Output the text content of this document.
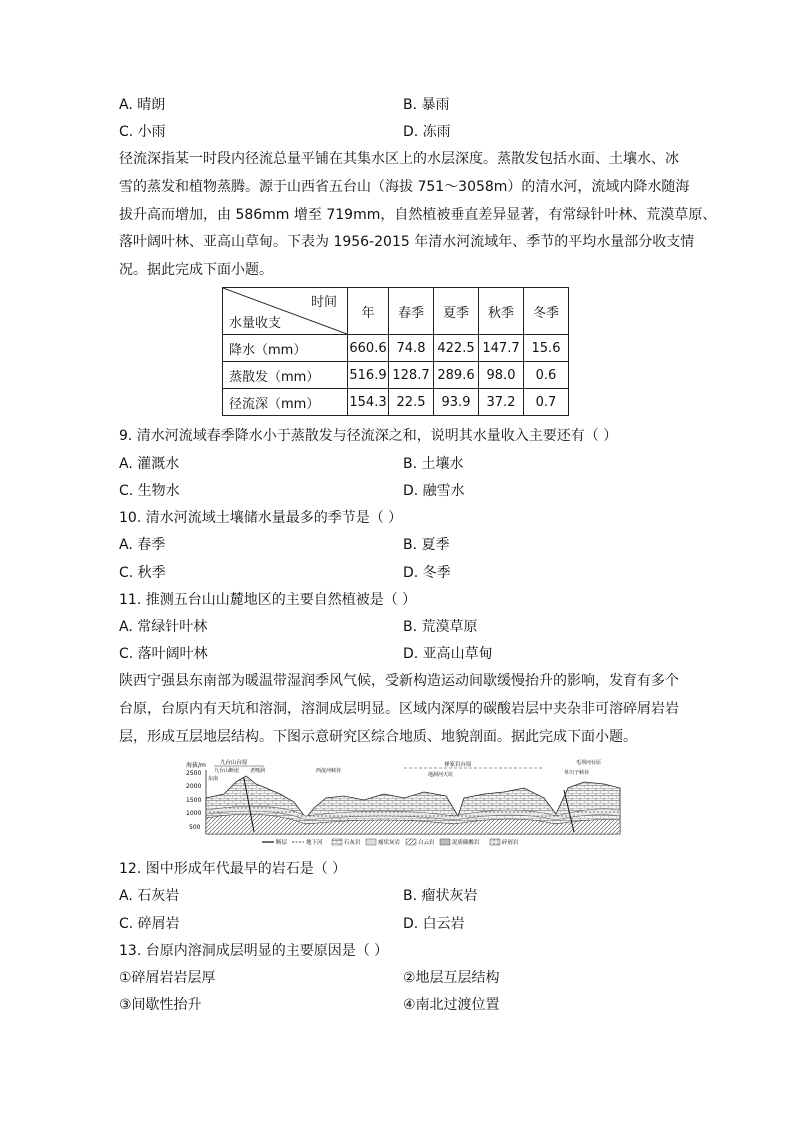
A. 晴朗	B. 暴雨
C. 小雨	D. 冻雨
径流深指某一时段内径流总量平铺在其集水区上的水层深度。蒸散发包括水面、土壤水、冰
雪的蒸发和植物蒸腾。源于山西省五台山（海拔 751～3058m）的清水河，流域内降水随海
拔升高而增加，由 586mm 增至 719mm，自然植被垂直差异显著，有常绿针叶林、荒漠草原、
落叶阔叶林、亚高山草甸。下表为 1956-2015 年清水河流域年、季节的平均水量部分收支情
况。据此完成下面小题。
时间
水量收支	年	春季	夏季	秋季	冬季
降水（mm）	660.6	74.8	422.5	147.7	15.6
蒸散发（mm）	516.9	128.7	289.6	98.0	0.6
径流深（mm）	154.3	22.5	93.9	37.2	0.7
9. 清水河流域春季降水小于蒸散发与径流深之和，说明其水量收入主要还有（ ）
A. 灌溉水	B. 土壤水
C. 生物水	D. 融雪水
10. 清水河流域土壤储水量最多的季节是（ ）
A. 春季	B. 夏季
C. 秋季	D. 冬季
11. 推测五台山山麓地区的主要自然植被是（ ）
A. 常绿针叶林	B. 荒漠草原
C. 落叶阔叶林	D. 亚高山草甸
陕西宁强县东南部为暖温带湿润季风气候，受新构造运动间歇缓慢抬升的影响，发育有多个
台原，台原内有天坑和溶洞，溶洞成层明显。区域内深厚的碳酸岩层中夹杂非可溶碎屑岩岩
层，形成互层地层结构。下图示意研究区综合地质、地貌剖面。据此完成下面小题。
海拔/m
2500
2000
1500
1000
500
九台山台原
九台山断崖
东南
老喀洞	西流河峡谷
禅家岩台原
地洞河天坑
毛坝河台原
草川子峡谷
断层	地下河	石灰岩	瘤状灰岩	白云岩	泥质碳酸岩	碎屑岩
12. 图中形成年代最早的岩石是（ ）
A. 石灰岩	B. 瘤状灰岩
C. 碎屑岩	D. 白云岩
13. 台原内溶洞成层明显的主要原因是（ ）
①碎屑岩岩层厚	②地层互层结构
③间歇性抬升	④南北过渡位置
